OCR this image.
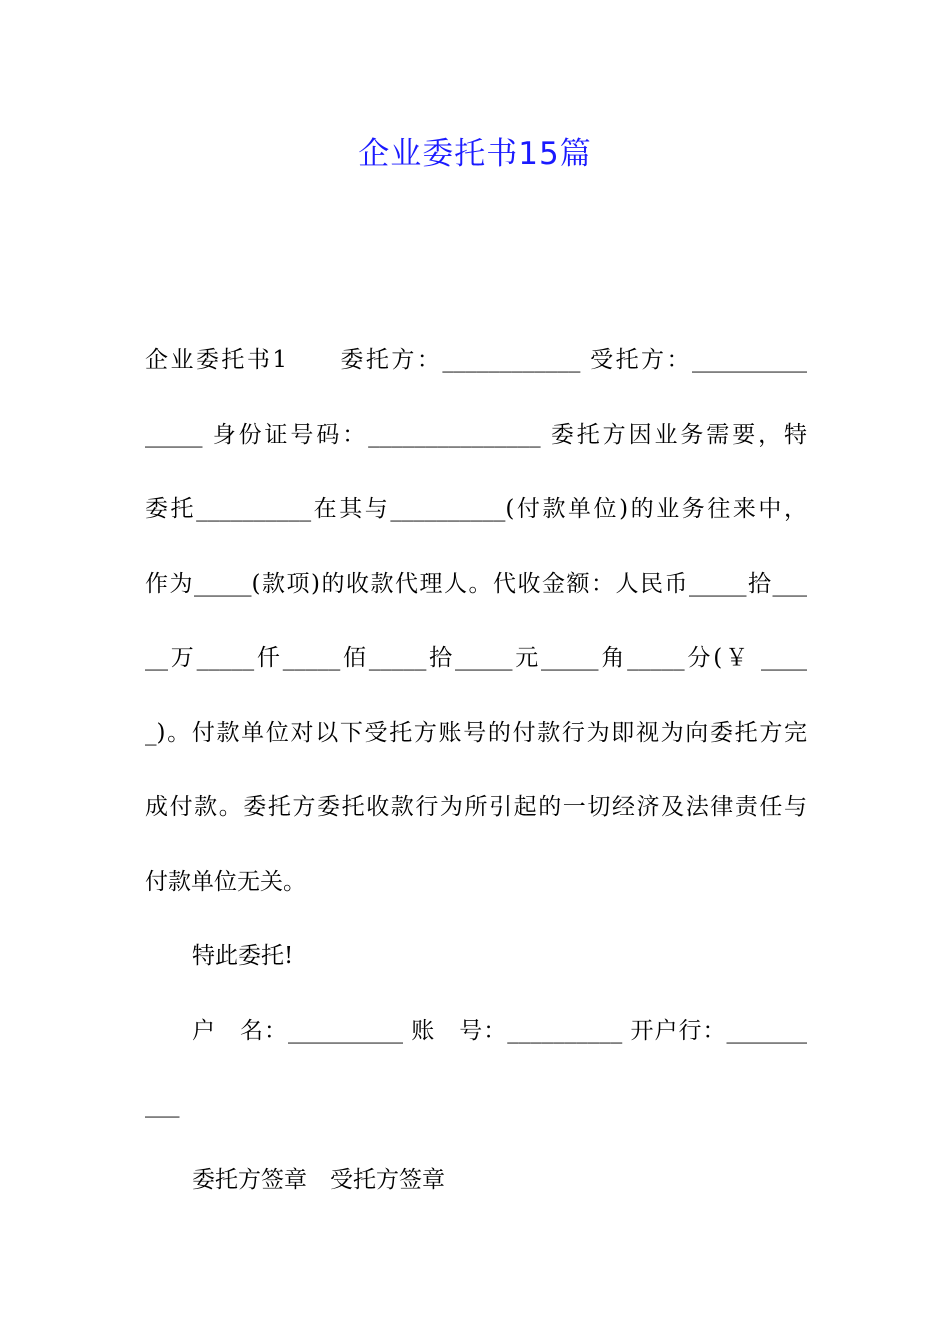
企业委托书15篇
企业委托书1　　委托方：____________ 受托方：__________
_____ 身份证号码：_______________ 委托方因业务需要，特
委托__________在其与__________(付款单位)的业务往来中，
作为_____(款项)的收款代理人。代收金额：人民币_____拾___
__万_____仟_____佰_____拾_____元_____角_____分(￥ ____
_)。付款单位对以下受托方账号的付款行为即视为向委托方完
成付款。委托方委托收款行为所引起的一切经济及法律责任与
付款单位无关。
特此委托!
户　名：__________ 账　号：__________ 开户行：_______
___
委托方签章　受托方签章
